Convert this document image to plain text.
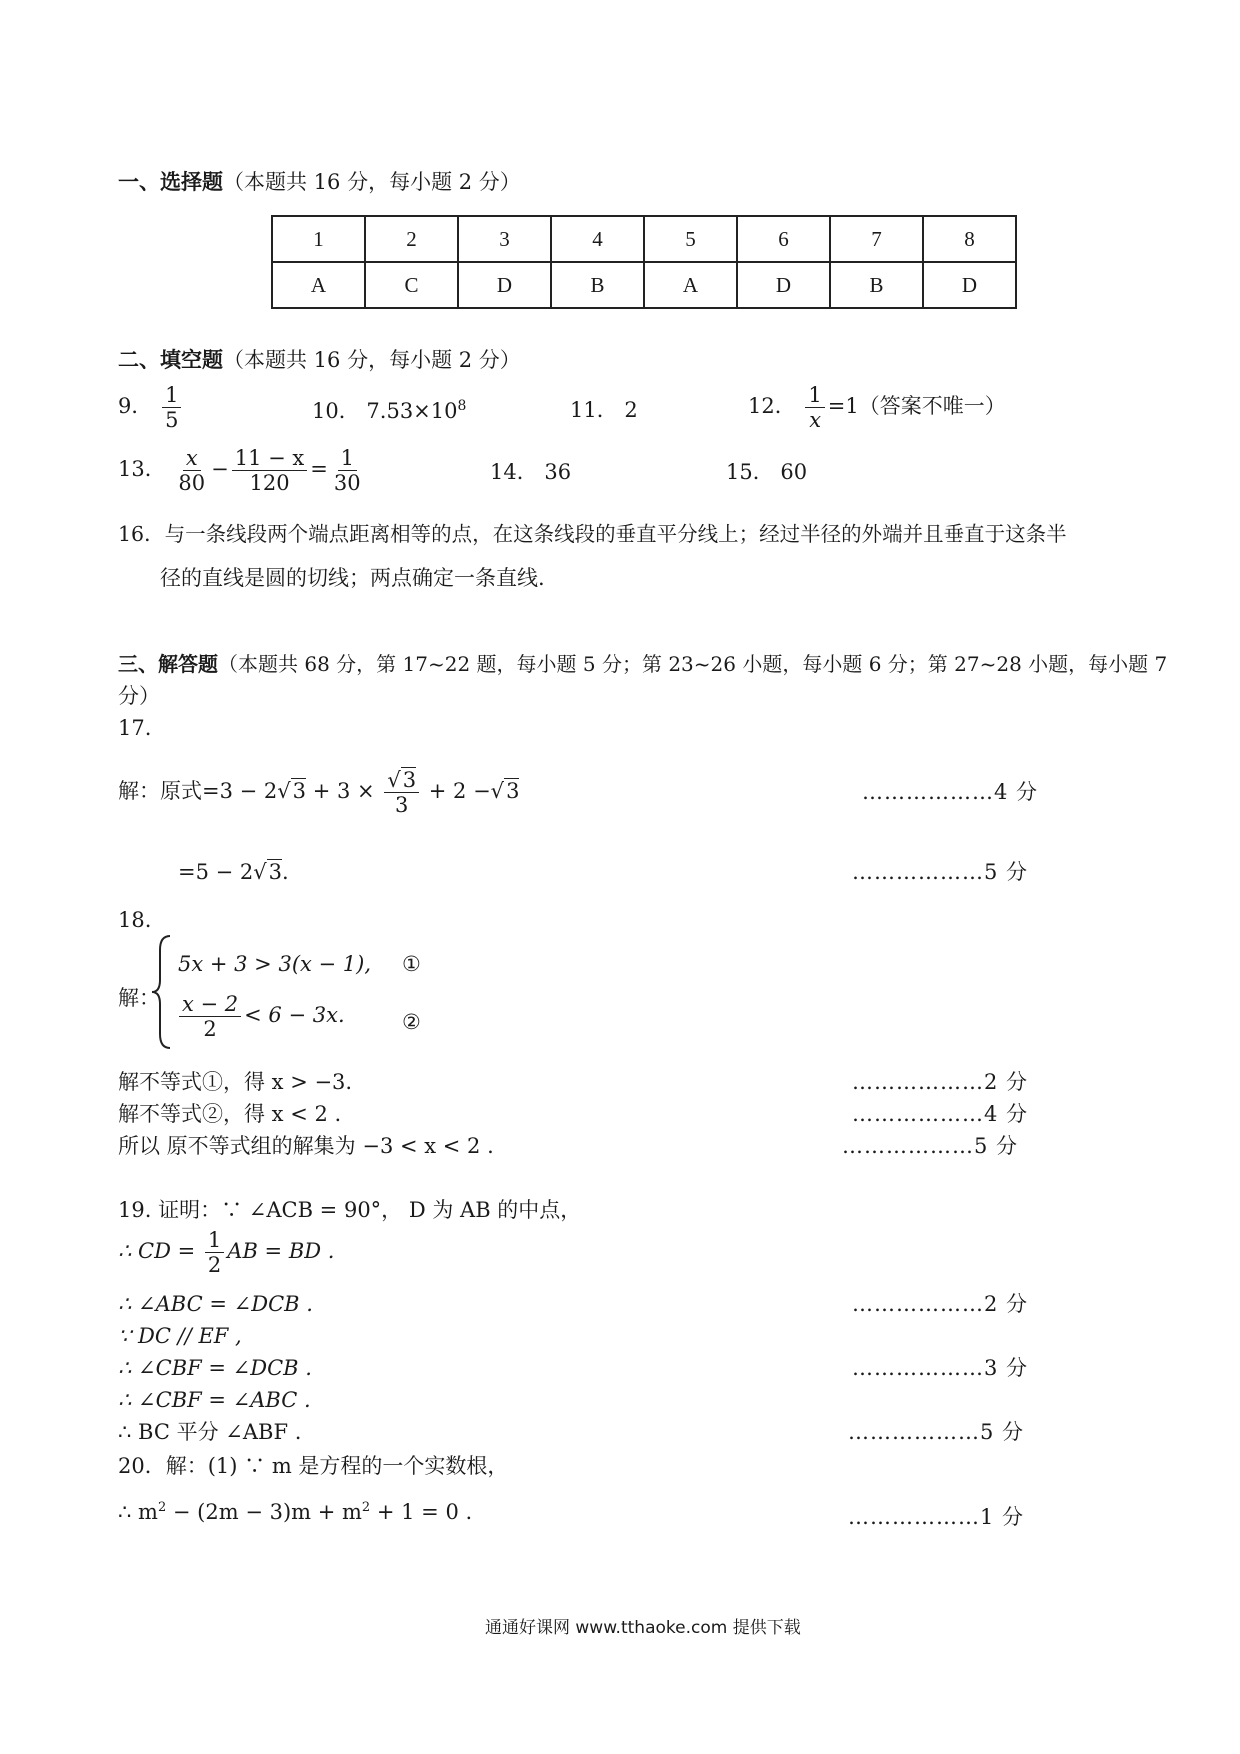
一、选择题（本题共 16 分，每小题 2 分）
1	2	3	4	5	6	7	8
A	C	D	B	A	D	B	D
二、填空题（本题共 16 分，每小题 2 分）
9． $\frac{1}{5}$	10． $7.53\times 10^8$	11． 2	12． $\frac{1}{x} =1$（答案不唯一）
13． $\frac{x}{80} - \frac{11 - x}{120} = \frac{1}{30}$	14． 36	15． 60
16．与一条线段两个端点距离相等的点，在这条线段的垂直平分线上；经过半径的外端并且垂直于这条半
径的直线是圆的切线；两点确定一条直线.
三、解答题（本题共 68 分，第 17~22 题，每小题 5 分；第 23~26 小题，每小题 6 分；第 27~28 小题，每小题 7
分）
17.
解：原式$=3 - 2√3 + 3 \times \frac{√3}{3} + 2 -√3$	………………4 分
=5 − 2√3.	………………5 分
18.
解：
5x + 3 > 3(x − 1), ①
$\frac{x - 2}{2} < 6 - 3x$.	②
解不等式①，得 x > −3.	………………2 分
解不等式②，得 x < 2 .	………………4 分
所以 原不等式组的解集为 −3 < x < 2 .	………………5 分
19. 证明：∵ ∠ACB = 90°， D 为 AB 的中点，
∴ CD = $\frac{1}{2}$ AB = BD .
∴ ∠ABC = ∠DCB .	………………2 分
∵ DC // EF ,
∴ ∠CBF = ∠DCB .	………………3 分
∴ ∠CBF = ∠ABC .
∴ BC 平分 ∠ABF .	………………5 分
20．解：(1) ∵ m 是方程的一个实数根，
∴ $m^2 - (2m - 3)m + m^2 + 1 = 0$ .	………………1 分
通通好课网 www.tthaoke.com 提供下载
